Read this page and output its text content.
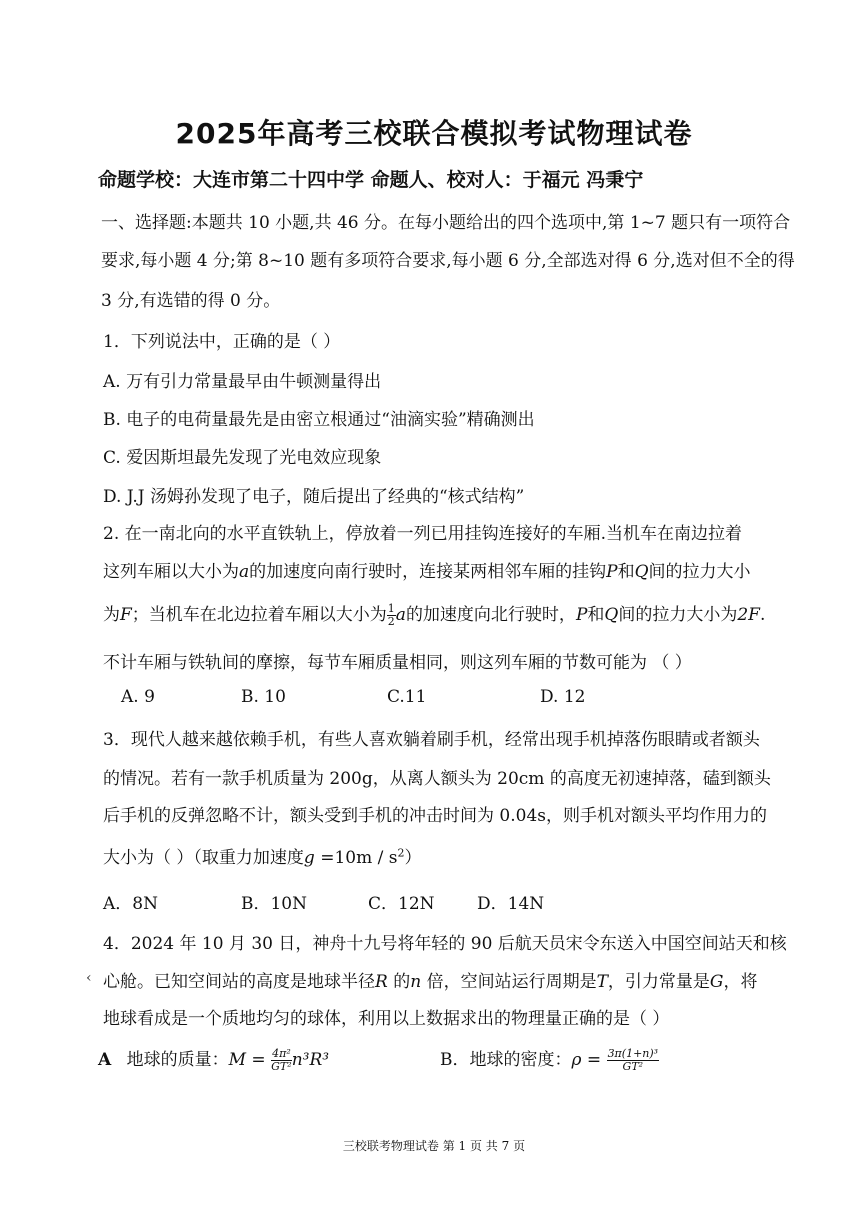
2025年高考三校联合模拟考试物理试卷
命题学校：大连市第二十四中学 命题人、校对人：于福元 冯秉宁
一、选择题:本题共 10 小题,共 46 分。在每小题给出的四个选项中,第 1~7 题只有一项符合
要求,每小题 4 分;第 8~10 题有多项符合要求,每小题 6 分,全部选对得 6 分,选对但不全的得
3 分,有选错的得 0 分。
1．下列说法中，正确的是（ ）
A. 万有引力常量最早由牛顿测量得出
B. 电子的电荷量最先是由密立根通过“油滴实验”精确测出
C. 爱因斯坦最先发现了光电效应现象
D. J.J 汤姆孙发现了电子，随后提出了经典的“核式结构”
2. 在一南北向的水平直铁轨上，停放着一列已用挂钩连接好的车厢.当机车在南边拉着
这列车厢以大小为a的加速度向南行驶时，连接某两相邻车厢的挂钩P和Q间的拉力大小
为F；当机车在北边拉着车厢以大小为 $\frac{1}{2}$ a的加速度向北行驶时，P和Q间的拉力大小为2F.
不计车厢与铁轨间的摩擦，每节车厢质量相同，则这列车厢的节数可能为 （ ）
A. 9	B. 10	C.11	D. 12
3．现代人越来越依赖手机，有些人喜欢躺着刷手机，经常出现手机掉落伤眼睛或者额头
的情况。若有一款手机质量为 200g，从离人额头为 20cm 的高度无初速掉落，磕到额头
后手机的反弹忽略不计，额头受到手机的冲击时间为 0.04s，则手机对额头平均作用力的
大小为（ ）（取重力加速度$g =10m / s^2$）
A．8N	B．10N	C．12N D．14N
4．2024 年 10 月 30 日，神舟十九号将年轻的 90 后航天员宋令东送入中国空间站天和核
‹ 心舱。已知空间站的高度是地球半径R 的n 倍，空间站运行周期是T，引力常量是G，将
地球看成是一个质地均匀的球体，利用以上数据求出的物理量正确的是（ ）
A 地球的质量：$M = \frac{\text{4π²}}{\text{GT²}} n^3R^3$	B．地球的密度：$\rho = \frac{\text{3π(1+n)³}}{\text{GT²}}$
三校联考物理试卷 第 1 页 共 7 页
